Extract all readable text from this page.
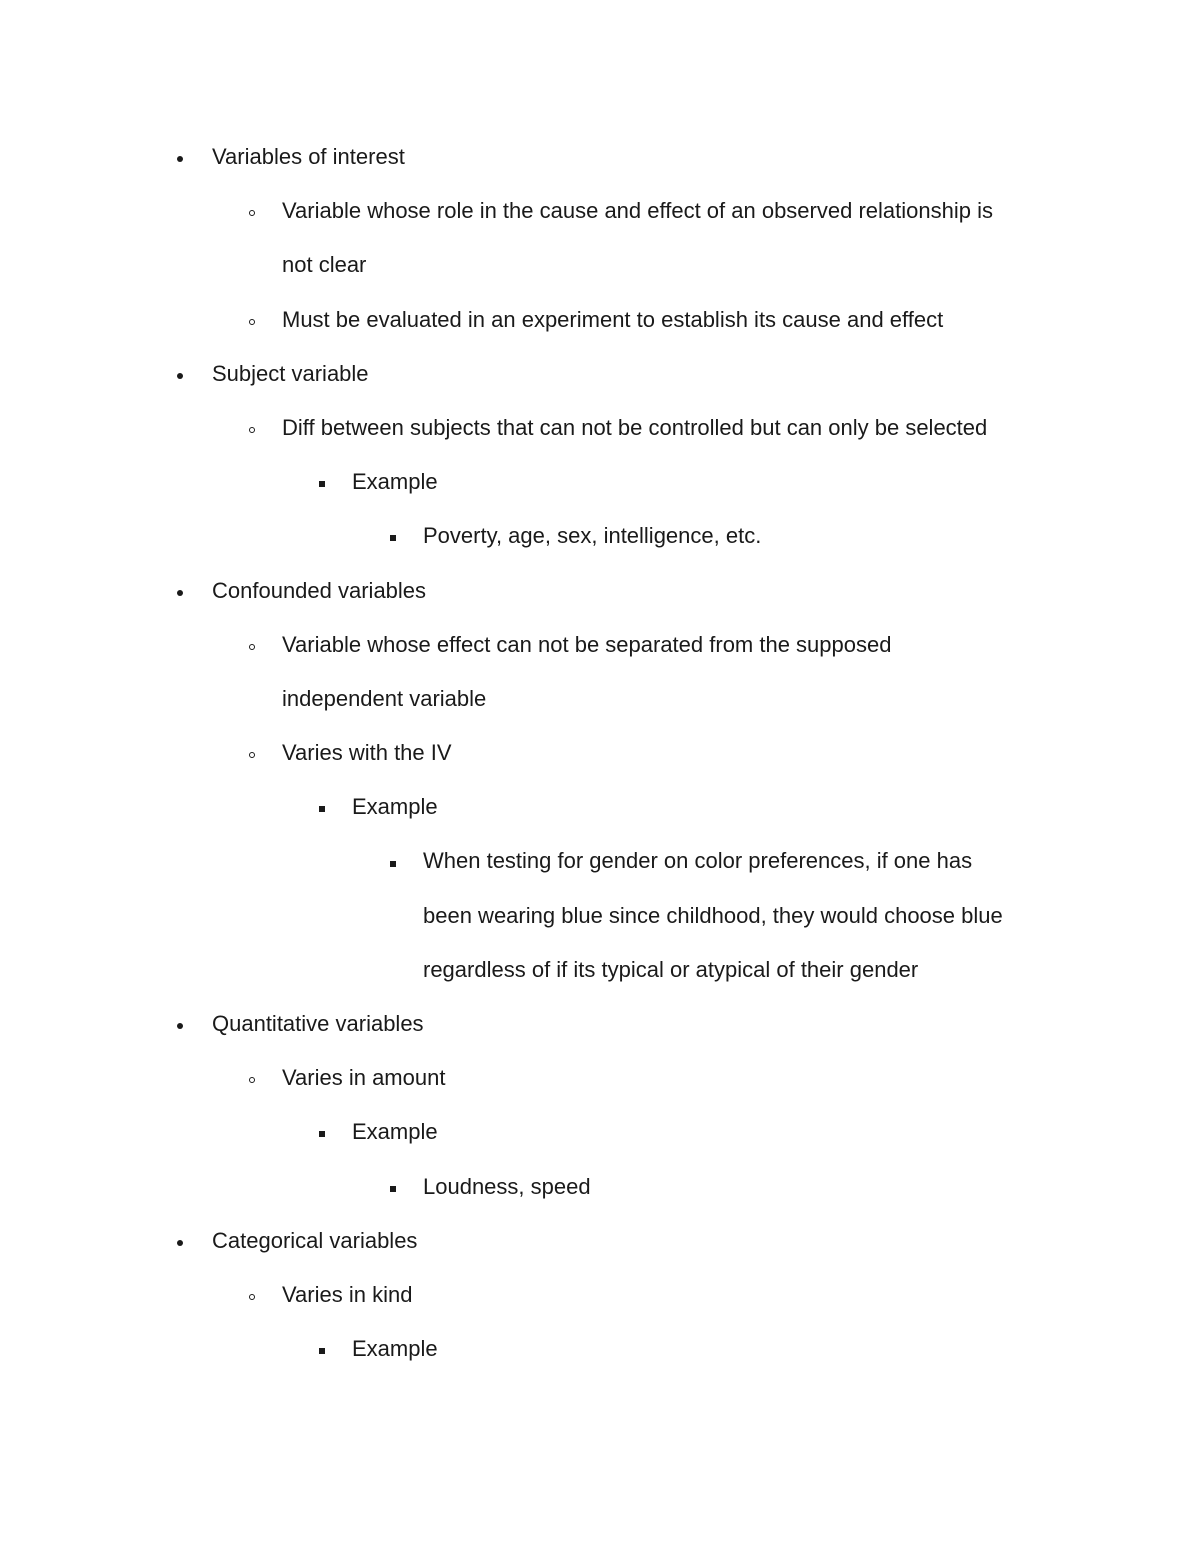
Variables of interest
Variable whose role in the cause and effect of an observed relationship is
not clear
Must be evaluated in an experiment to establish its cause and effect
Subject variable
Diff between subjects that can not be controlled but can only be selected
Example
Poverty, age, sex, intelligence, etc.
Confounded variables
Variable whose effect can not be separated from the supposed
independent variable
Varies with the IV
Example
When testing for gender on color preferences, if one has
been wearing blue since childhood, they would choose blue
regardless of if its typical or atypical of their gender
Quantitative variables
Varies in amount
Example
Loudness, speed
Categorical variables
Varies in kind
Example
